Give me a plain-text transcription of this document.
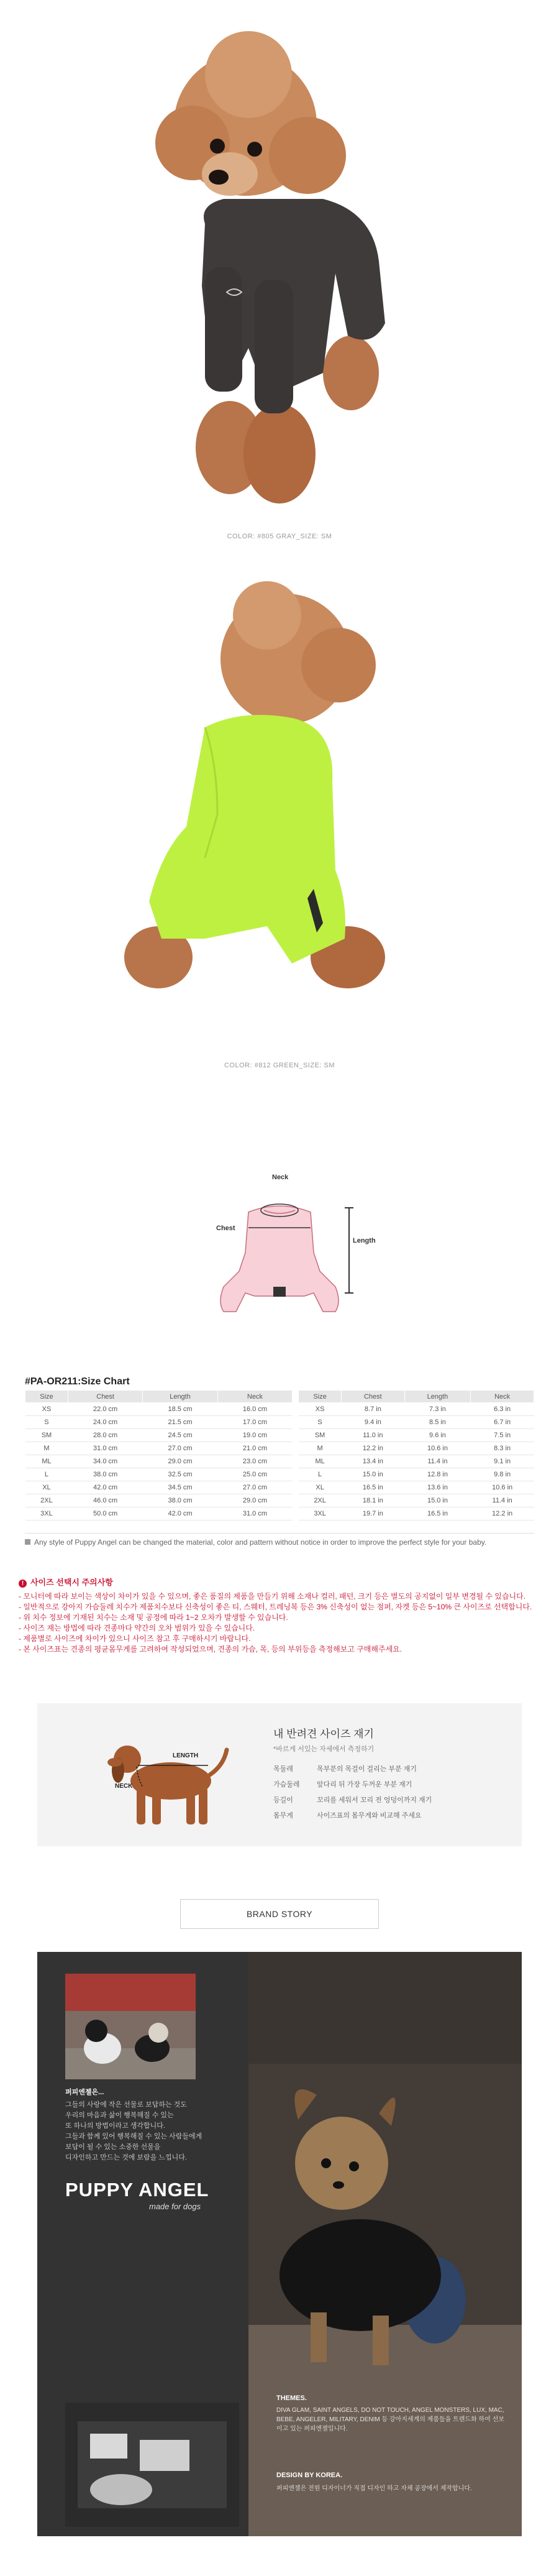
COLOR: #805 GRAY_SIZE: SM
COLOR: #812 GREEN_SIZE: SM
Neck
Chest
Length
#PA-OR211:Size Chart
Size	Chest	Length	Neck		Size	Chest	Length	Neck
XS	22.0 cm	18.5 cm	16.0 cm		XS	8.7 in	7.3 in	6.3 in
S	24.0 cm	21.5 cm	17.0 cm		S	9.4 in	8.5 in	6.7 in
SM	28.0 cm	24.5 cm	19.0 cm		SM	11.0 in	9.6 in	7.5 in
M	31.0 cm	27.0 cm	21.0 cm		M	12.2 in	10.6 in	8.3 in
ML	34.0 cm	29.0 cm	23.0 cm		ML	13.4 in	11.4 in	9.1 in
L	38.0 cm	32.5 cm	25.0 cm		L	15.0 in	12.8 in	9.8 in
XL	42.0 cm	34.5 cm	27.0 cm		XL	16.5 in	13.6 in	10.6 in
2XL	46.0 cm	38.0 cm	29.0 cm		2XL	18.1 in	15.0 in	11.4 in
3XL	50.0 cm	42.0 cm	31.0 cm		3XL	19.7 in	16.5 in	12.2 in
Any style of Puppy Angel can be changed the material, color and pattern without notice in order to improve the perfect style for your baby.
! 사이즈 선택시 주의사항
- 모니터에 따라 보이는 색상이 차이가 있을 수 있으며, 좋은 품질의 제품을 만들기 위해 소재나 컬러, 패턴, 크기 등은 별도의 공지없이 일부 변경될 수 있습니다.
- 일반적으로 강아지 가슴둘레 치수가 제품치수보다 신축성이 좋은 티, 스웨터, 트레닝복 등은 3% 신축성이 없는 점퍼, 자켓 등은 5~10% 큰 사이즈로 선택합니다.
- 위 치수 정보에 기재된 치수는 소재 및 공정에 따라 1~2 오차가 발생할 수 있습니다.
- 사이즈 재는 방법에 따라 견종마다 약간의 오차 범위가 있을 수 있습니다.
- 제품별로 사이즈에 차이가 있으니 사이즈 참고 후 구매하시기 바랍니다.
- 본 사이즈표는 견종의 평균몸무게를 고려하여 작성되었으며, 견종의 가슴, 목, 등의 부위등을 측정해보고 구매해주세요.
LENGTH
NECK
내 반려견 사이즈 재기
*바르게 서있는 자세에서 측정하기
목둘레	목부분의 목걸이 걸리는 부분 재기
가슴둘레 앞다리 뒤 가장 두꺼운 부분 재기
등길이	꼬리를 세워서 꼬리 전 엉덩이까지 재기
몸무게	사이즈표의 몸무게와 비교해 주세요
BRAND STORY
퍼피엔젤은...
그들의 사랑에 작은 선물로 보답하는 것도
우리의 마음과 삶이 행복해질 수 있는
또 하나의 방법이라고 생각합니다.
그들과 함께 있어 행복해질 수 있는 사람들에게
보답이 될 수 있는 소중한 선물을
디자인하고 만드는 것에 보람을 느낍니다.
PUPPY ANGEL
made for dogs
THEMES.
DIVA GLAM, SAINT ANGELS, DO NOT TOUCH, ANGEL MONSTERS, LUX, MAC, BEBE, ANGELER, MILITARY, DENIM 등 강아지세계의 제품들을 트렌드화 하여 선보이고 있는 퍼피엔젤입니다.
DESIGN BY KOREA.
퍼피엔젤은 전원 디자이너가 직접 디자인 하고 자체 공장에서 제작합니다.
